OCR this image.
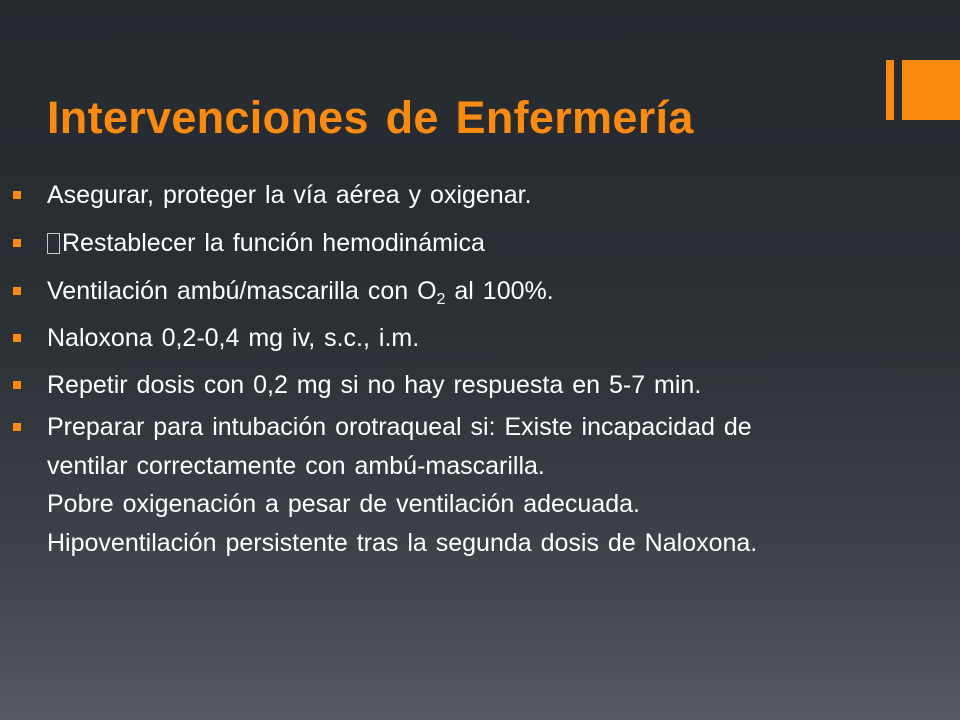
Intervenciones de Enfermería
Asegurar, proteger la vía aérea y oxigenar.
Restablecer la función hemodinámica
Ventilación ambú/mascarilla con $O_2$ al 100%.
Naloxona 0,2-0,4 mg iv, s.c., i.m.
Repetir dosis con 0,2 mg si no hay respuesta en 5-7 min.
Preparar para intubación orotraqueal si: Existe incapacidad de ventilar correctamente con ambú-mascarilla.
Pobre oxigenación a pesar de ventilación adecuada.
Hipoventilación persistente tras la segunda dosis de Naloxona.
